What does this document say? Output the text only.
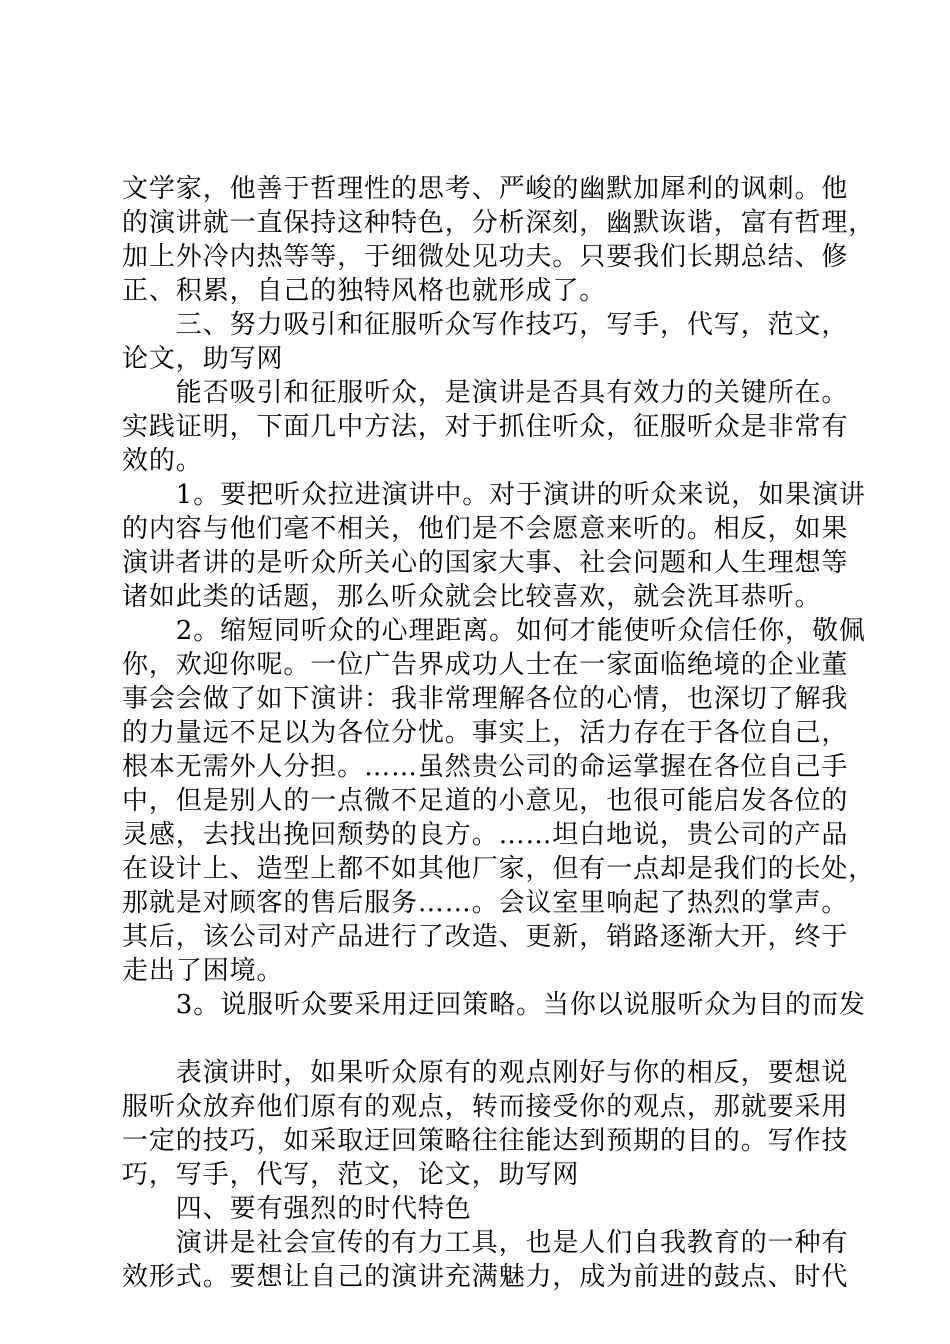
文学家，他善于哲理性的思考、严峻的幽默加犀利的讽刺。他
的演讲就一直保持这种特色，分析深刻，幽默诙谐，富有哲理，
加上外冷内热等等，于细微处见功夫。只要我们长期总结、修
正、积累，自己的独特风格也就形成了。
　　三、努力吸引和征服听众写作技巧，写手，代写，范文，
论文，助写网
　　能否吸引和征服听众，是演讲是否具有效力的关键所在。
实践证明，下面几中方法，对于抓住听众，征服听众是非常有
效的。
　　1。要把听众拉进演讲中。对于演讲的听众来说，如果演讲
的内容与他们毫不相关，他们是不会愿意来听的。相反，如果
演讲者讲的是听众所关心的国家大事、社会问题和人生理想等
诸如此类的话题，那么听众就会比较喜欢，就会洗耳恭听。
　　2。缩短同听众的心理距离。如何才能使听众信任你，敬佩
你，欢迎你呢。一位广告界成功人士在一家面临绝境的企业董
事会会做了如下演讲：我非常理解各位的心情，也深切了解我
的力量远不足以为各位分忧。事实上，活力存在于各位自己，
根本无需外人分担。……虽然贵公司的命运掌握在各位自己手
中，但是别人的一点微不足道的小意见，也很可能启发各位的
灵感，去找出挽回颓势的良方。……坦白地说，贵公司的产品
在设计上、造型上都不如其他厂家，但有一点却是我们的长处，
那就是对顾客的售后服务……。会议室里响起了热烈的掌声。
其后，该公司对产品进行了改造、更新，销路逐渐大开，终于
走出了困境。
　　3。说服听众要采用迂回策略。当你以说服听众为目的而发
　　表演讲时，如果听众原有的观点刚好与你的相反，要想说
服听众放弃他们原有的观点，转而接受你的观点，那就要采用
一定的技巧，如采取迂回策略往往能达到预期的目的。写作技
巧，写手，代写，范文，论文，助写网
　　四、要有强烈的时代特色
　　演讲是社会宣传的有力工具，也是人们自我教育的一种有
效形式。要想让自己的演讲充满魅力，成为前进的鼓点、时代
